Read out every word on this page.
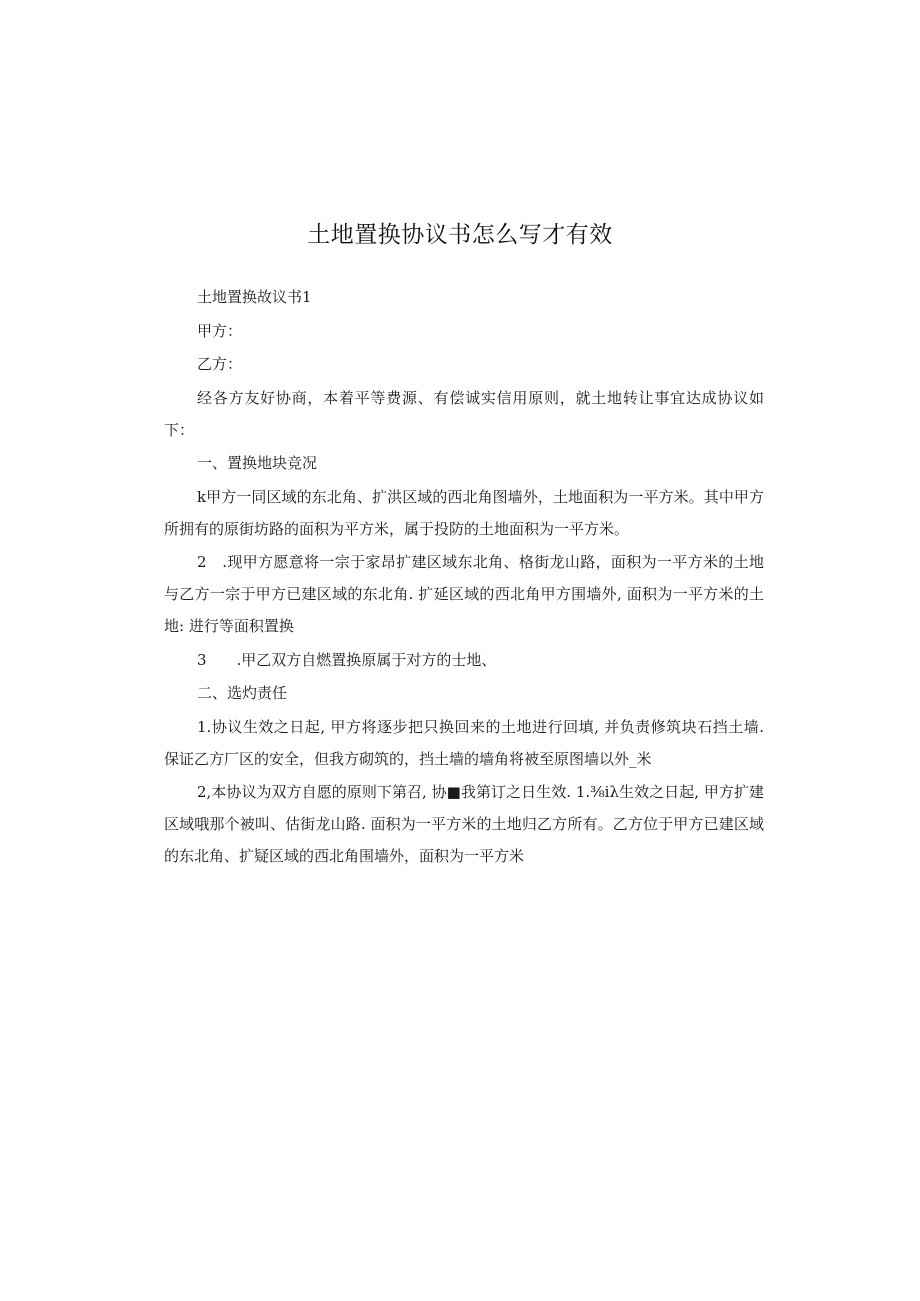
土地置换协议书怎么写才有效

土地置换故议书1

甲方：

乙方：

经各方友好协商，本着平等费源、有偿诚实信用原则，就土地转让事宜达成协议如下：

一、置换地块竞况

k甲方一同区域的东北角、扩洪区域的西北角图墙外，土地面积为一平方米。其中甲方所拥有的原街坊路的面积为平方米，属于投防的土地面积为一平方米。

2　.现甲方愿意将一宗于家昂扩建区域东北角、格街龙山路，面积为一平方米的土地与乙方一宗于甲方已建区域的东北角. 扩延区域的西北角甲方围墙外, 面积为一平方米的土地: 进行等面积置换

3　　.甲乙双方自燃置换原属于对方的士地、

二、选灼责任

1.协议生效之日起, 甲方将逐步把只换回来的土地进行回填, 并负责修筑块石挡土墙. 保证乙方厂区的安全，但我方砌筑的，挡土墙的墙角将被至原图墙以外_米

2,本协议为双方自愿的原则下第召, 协■我第订之日生效. 1.⅜iλ生效之日起, 甲方扩建区域哦那个被叫、估街龙山路. 面积为一平方米的土地归乙方所有。乙方位于甲方已建区域的东北角、扩疑区域的西北角围墙外，面积为一平方米
